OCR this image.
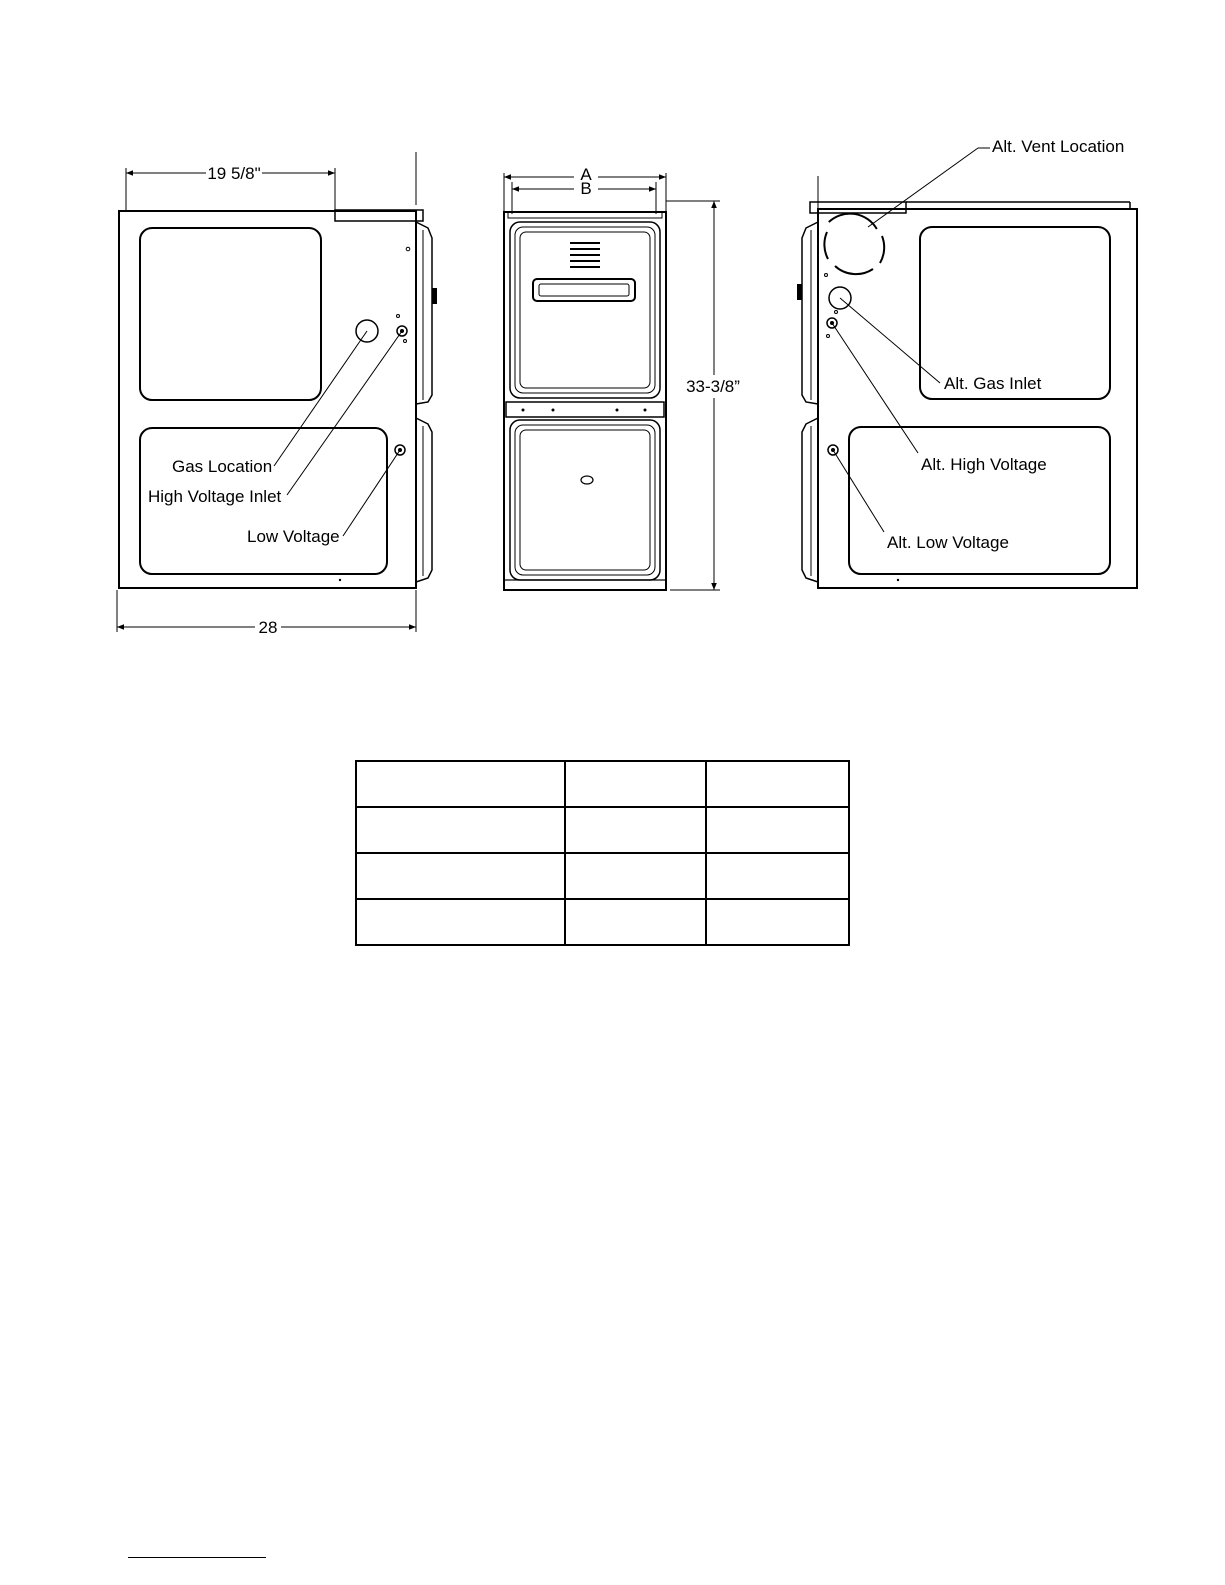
19 5/8"
Gas Location
High Voltage Inlet
Low Voltage
28
A
B
33-3/8”
Alt. Vent Location
Alt. Gas Inlet
Alt. High Voltage
Alt. Low Voltage
